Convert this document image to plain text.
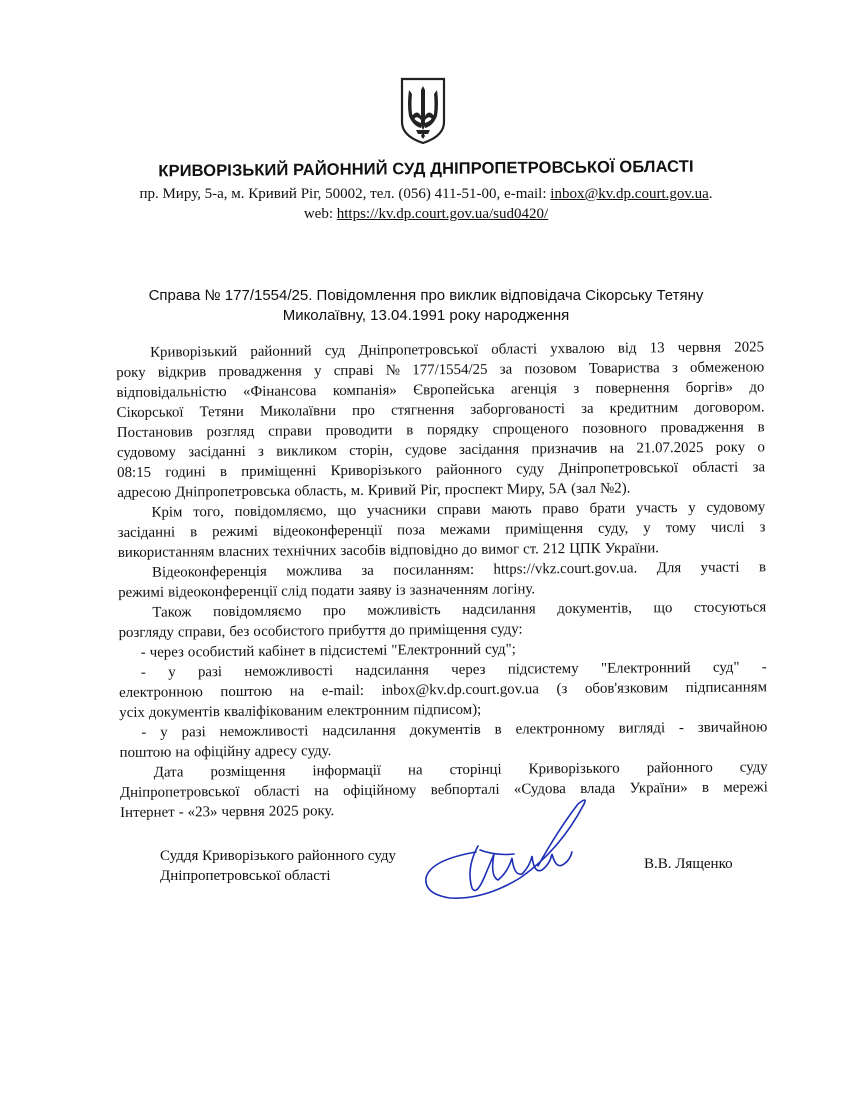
КРИВОРІЗЬКИЙ РАЙОННИЙ СУД ДНІПРОПЕТРОВСЬКОЇ ОБЛАСТІ
пр. Миру, 5-а, м. Кривий Ріг, 50002, тел. (056) 411-51-00, e-mail: inbox@kv.dp.court.gov.ua.
web: https://kv.dp.court.gov.ua/sud0420/
Справа № 177/1554/25. Повідомлення про виклик відповідача Сікорську Тетяну
Миколаївну, 13.04.1991 року народження
Криворізький районний суд Дніпропетровської області ухвалою від 13 червня 2025
року відкрив провадження у справі № 177/1554/25 за позовом Товариства з обмеженою
відповідальністю «Фінансова компанія» Європейська агенція з повернення боргів» до
Сікорської Тетяни Миколаївни про стягнення заборгованості за кредитним договором.
Постановив розгляд справи проводити в порядку спрощеного позовного провадження в
судовому засіданні з викликом сторін, судове засідання призначив на 21.07.2025 року о
08:15 годині в приміщенні Криворізького районного суду Дніпропетровської області за
адресою Дніпропетровська область, м. Кривий Ріг, проспект Миру, 5А (зал №2).
Крім того, повідомляємо, що учасники справи мають право брати участь у судовому
засіданні в режимі відеоконференції поза межами приміщення суду, у тому числі з
використанням власних технічних засобів відповідно до вимог ст. 212 ЦПК України.
Відеоконференція можлива за посиланням: https://vkz.court.gov.ua. Для участі в
режимі відеоконференції слід подати заяву із зазначенням логіну.
Також повідомляємо про можливість надсилання документів, що стосуються
розгляду справи, без особистого прибуття до приміщення суду:
- через особистий кабінет в підсистемі "Електронний суд";
- у разі неможливості надсилання через підсистему "Електронний суд" -
електронною поштою на e-mail: inbox@kv.dp.court.gov.ua (з обов'язковим підписанням
усіх документів кваліфікованим електронним підписом);
- у разі неможливості надсилання документів в електронному вигляді - звичайною
поштою на офіційну адресу суду.
Дата розміщення інформації на сторінці Криворізького районного суду
Дніпропетровської області на офіційному вебпорталі «Судова влада України» в мережі
Інтернет - «23» червня 2025 року.
Суддя Криворізького районного суду
Дніпропетровської області
В.В. Лященко
